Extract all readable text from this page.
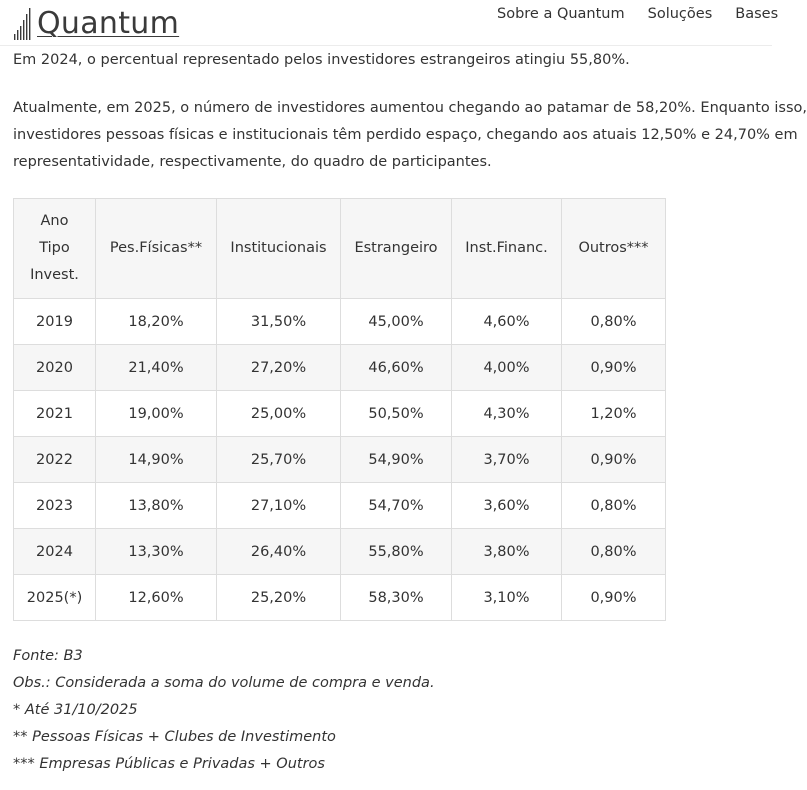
Quantum	Sobre a Quantum Soluções Bases

Em 2024, o percentual representado pelos investidores estrangeiros atingiu 55,80%.

Atualmente, em 2025, o número de investidores aumentou chegando ao patamar de 58,20%. Enquanto isso,

investidores pessoas físicas e institucionais têm perdido espaço, chegando aos atuais 12,50% e 24,70% em

representatividade, respectivamente, do quadro de participantes.

Ano
Tipo
Invest.	Pes.Físicas**	Institucionais	Estrangeiro	Inst.Financ.	Outros***
2019	18,20%	31,50%	45,00%	4,60%	0,80%
2020	21,40%	27,20%	46,60%	4,00%	0,90%
2021	19,00%	25,00%	50,50%	4,30%	1,20%
2022	14,90%	25,70%	54,90%	3,70%	0,90%
2023	13,80%	27,10%	54,70%	3,60%	0,80%
2024	13,30%	26,40%	55,80%	3,80%	0,80%
2025(*)	12,60%	25,20%	58,30%	3,10%	0,90%
Fonte: B3
Obs.: Considerada a soma do volume de compra e venda.
* Até 31/10/2025
** Pessoas Físicas + Clubes de Investimento
*** Empresas Públicas e Privadas + Outros
